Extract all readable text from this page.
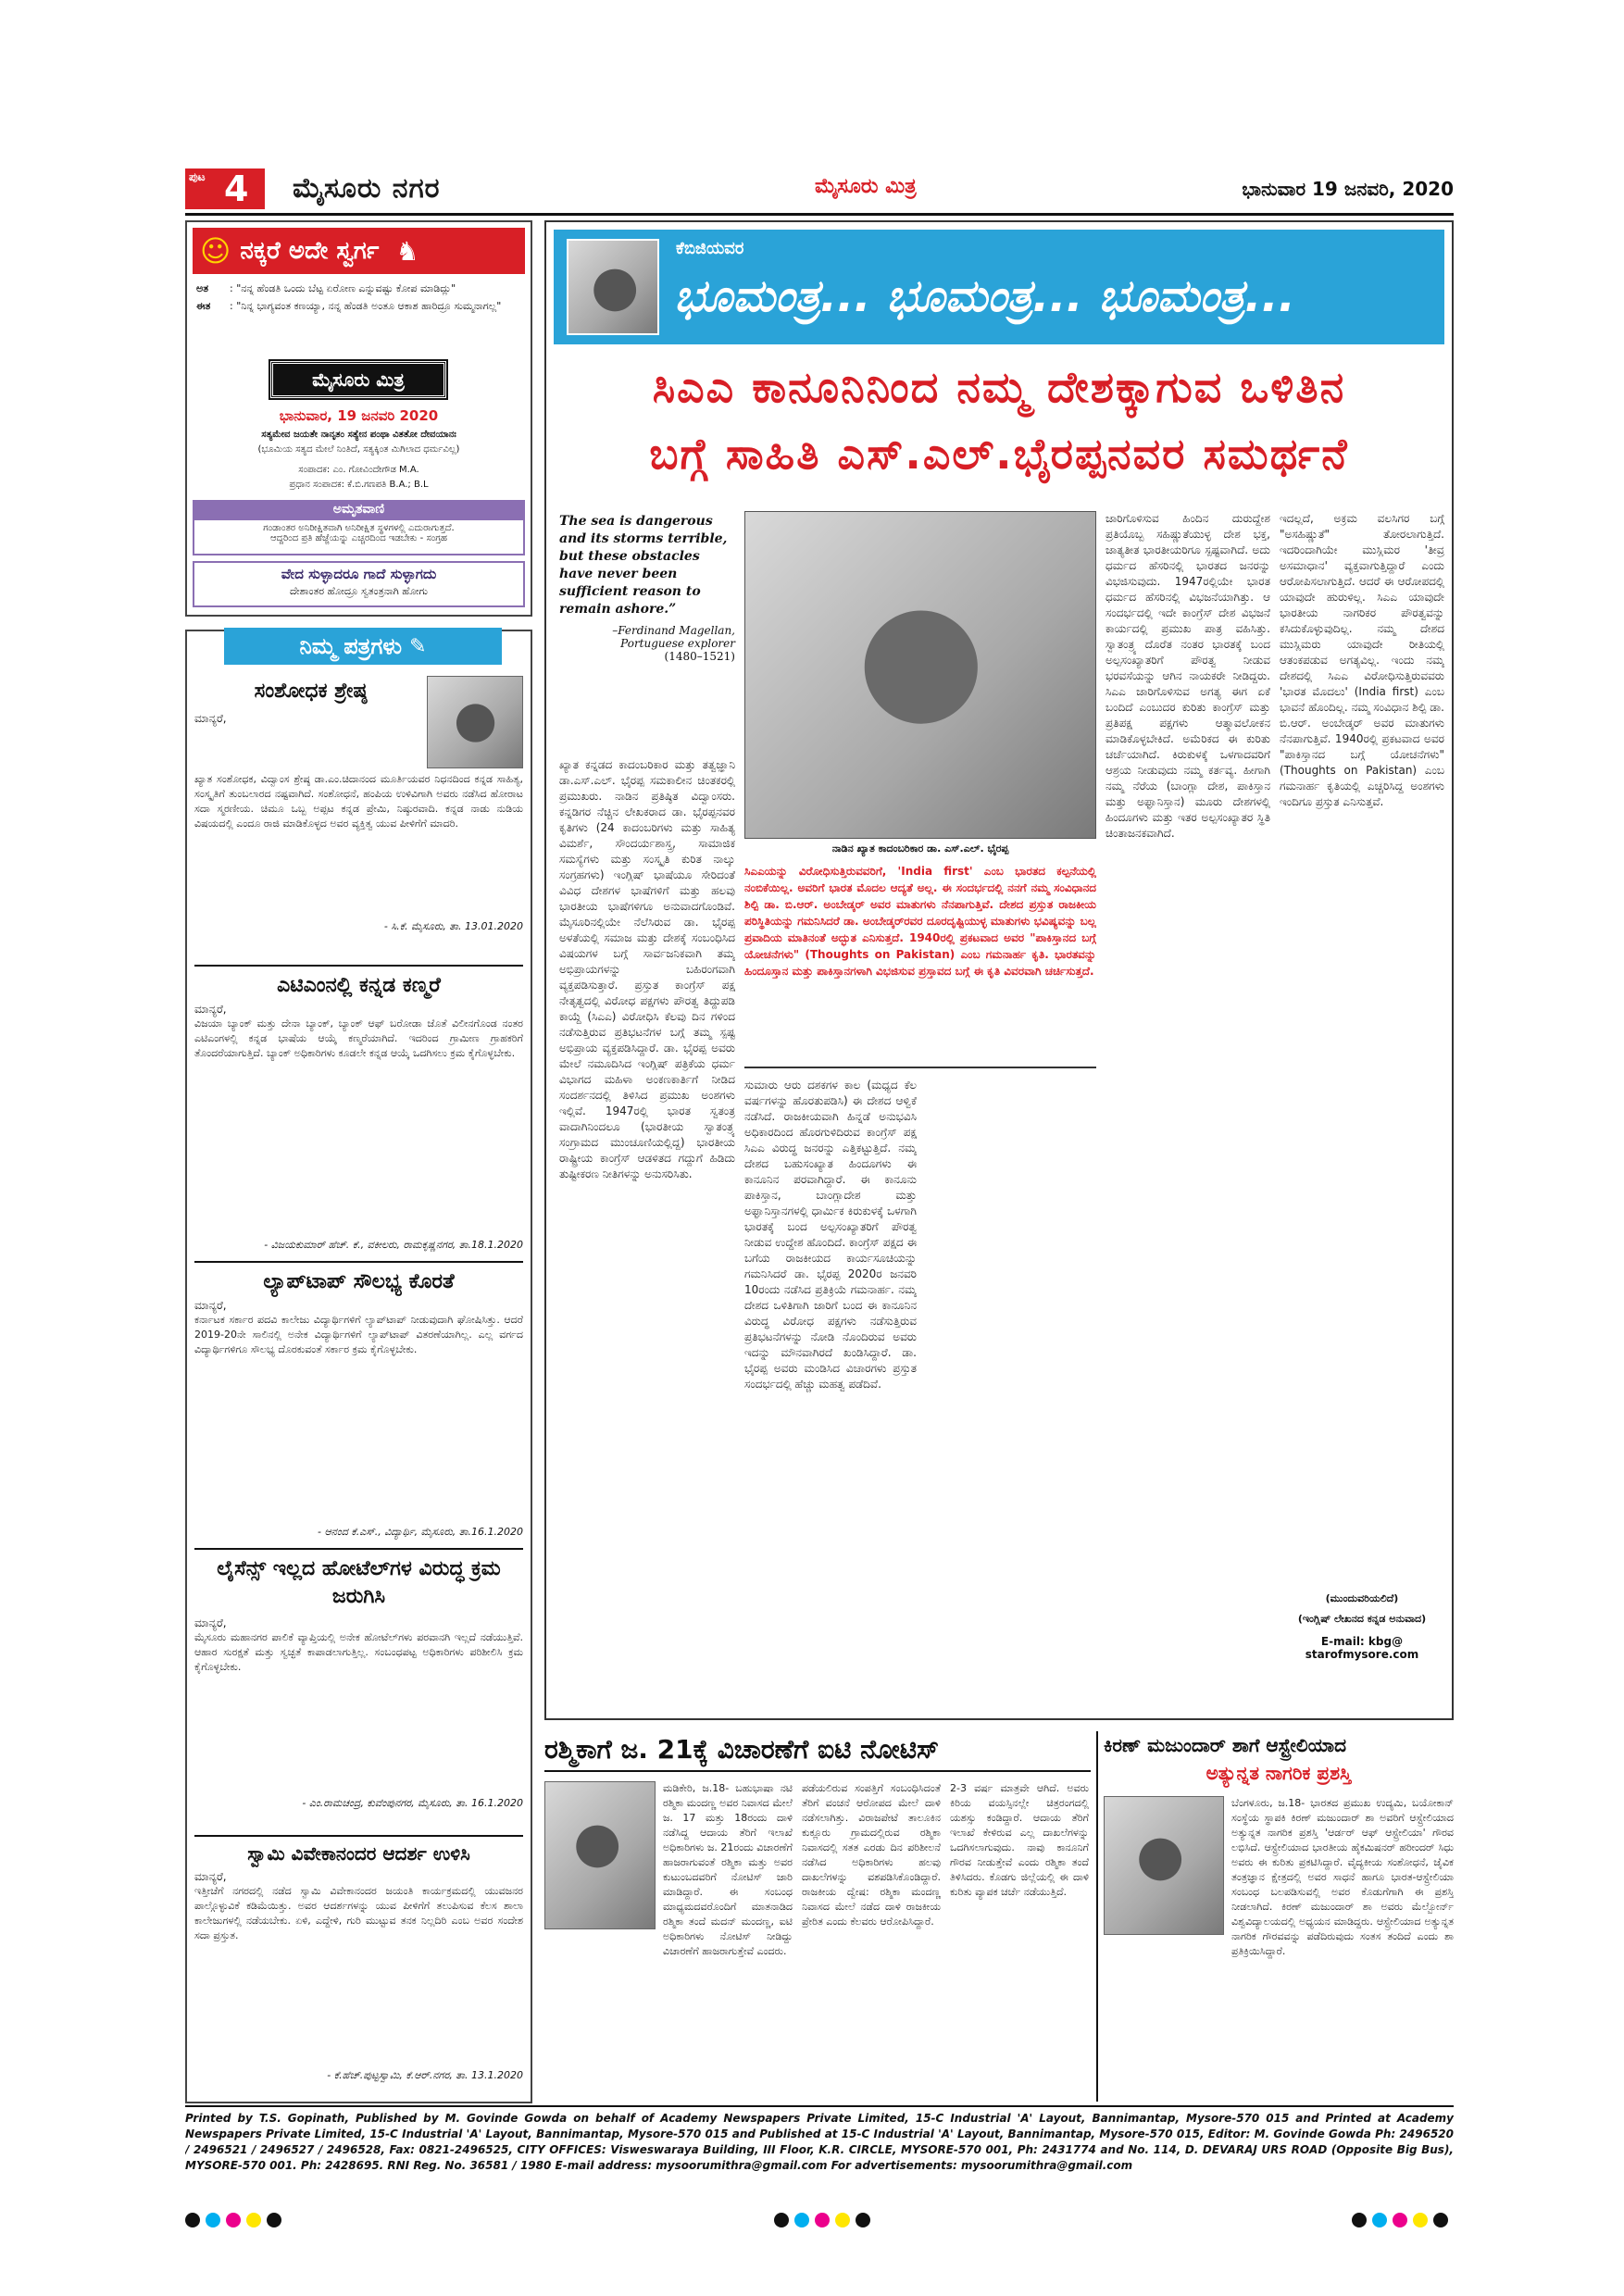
ಪುಟ 4 ಮೈಸೂರು ನಗರ	ಮೈಸೂರು ಮಿತ್ರ	ಭಾನುವಾರ 19 ಜನವರಿ, 2020
☺ ನಕ್ಕರೆ ಅದೇ ಸ್ವರ್ಗ ♞
ಅತ	: "ನನ್ನ ಹೆಂಡತಿ ಒಂದು ಬೆಟ್ಟ ಏರೋಣ ಎನ್ನುವಷ್ಟು ಕೋಪ ಮಾಡಿದ್ಲು"
ಈತ	: "ನಿನ್ನ ಭಾಗ್ಯವಂತ ಕಣಯ್ಯಾ, ನನ್ನ ಹೆಂಡತಿ ಅಂತೂ ಆಕಾಶ ಹಾರಿದ್ರೂ ಸುಮ್ಮನಾಗಲ್ಲ"
ಮೈಸೂರು ಮಿತ್ರ
ಭಾನುವಾರ, 19 ಜನವರಿ 2020
ಸತ್ಯಮೇವ ಜಯತೇ ನಾನೃತಂ ಸತ್ಯೇನ ಪಂಥಾ ವಿತತೋ ದೇವಯಾನಃ
(ಭೂಮಿಯ ಸತ್ಯದ ಮೇಲೆ ನಿಂತಿದೆ, ಸತ್ಯಕ್ಕಿಂತ ಮಿಗಿಲಾದ ಧರ್ಮವಿಲ್ಲ)
ಸಂಪಾದಕ: ಎಂ. ಗೋವಿಂದೇಗೌಡ M.A.
ಪ್ರಧಾನ ಸಂಪಾದಕ: ಕೆ.ಬಿ.ಗಣಪತಿ B.A.; B.L
ಅಮೃತವಾಣಿ
ಗಂಡಾಂತರ ಅನಿರೀಕ್ಷಿತವಾಗಿ ಅನಿರೀಕ್ಷಿತ ಸ್ಥಳಗಳಲ್ಲಿ ಎದುರಾಗುತ್ತದೆ.
ಆದ್ದರಿಂದ ಪ್ರತಿ ಹೆಜ್ಜೆಯನ್ನು ಎಚ್ಚರದಿಂದ ಇಡಬೇಕು - ಸಂಗ್ರಹ
ವೇದ ಸುಳ್ಳಾದರೂ ಗಾದೆ ಸುಳ್ಳಾಗದು
ದೇಶಾಂತರ ಹೋದ್ರೂ ಸ್ವತಂತ್ರನಾಗಿ ಹೋಗು
ನಿಮ್ಮ ಪತ್ರಗಳು ✎
ಸಂಶೋಧಕ ಶ್ರೇಷ್ಠ
ಮಾನ್ಯರೆ,	●
ಖ್ಯಾತ ಸಂಶೋಧಕ, ವಿದ್ವಾಂಸ ಶ್ರೇಷ್ಠ ಡಾ.ಎಂ.ಚಿದಾನಂದ ಮೂರ್ತಿಯವರ ನಿಧನದಿಂದ ಕನ್ನಡ ಸಾಹಿತ್ಯ, ಸಂಸ್ಕೃತಿಗೆ ತುಂಬಲಾರದ ನಷ್ಟವಾಗಿದೆ. ಸಂಶೋಧನೆ, ಹಂಪಿಯ ಉಳಿವಿಗಾಗಿ ಅವರು ನಡೆಸಿದ ಹೋರಾಟ ಸದಾ ಸ್ಮರಣೀಯ. ಚಿಮೂ ಒಬ್ಬ ಅಪ್ಪಟ ಕನ್ನಡ ಪ್ರೇಮಿ, ನಿಷ್ಠುರವಾದಿ. ಕನ್ನಡ ನಾಡು ನುಡಿಯ ವಿಷಯದಲ್ಲಿ ಎಂದೂ ರಾಜಿ ಮಾಡಿಕೊಳ್ಳದ ಅವರ ವ್ಯಕ್ತಿತ್ವ ಯುವ ಪೀಳಿಗೆಗೆ ಮಾದರಿ.
- ಸಿ.ಕೆ. ಮೈಸೂರು, ತಾ. 13.01.2020
ಎಟಿಎಂನಲ್ಲಿ ಕನ್ನಡ ಕಣ್ಮರೆ
ಮಾನ್ಯರೆ,
ವಿಜಯಾ ಬ್ಯಾಂಕ್ ಮತ್ತು ದೇನಾ ಬ್ಯಾಂಕ್, ಬ್ಯಾಂಕ್ ಆಫ್ ಬರೋಡಾ ಜೊತೆ ವಿಲೀನಗೊಂಡ ನಂತರ ಎಟಿಎಂಗಳಲ್ಲಿ ಕನ್ನಡ ಭಾಷೆಯ ಆಯ್ಕೆ ಕಣ್ಮರೆಯಾಗಿದೆ. ಇದರಿಂದ ಗ್ರಾಮೀಣ ಗ್ರಾಹಕರಿಗೆ ತೊಂದರೆಯಾಗುತ್ತಿದೆ. ಬ್ಯಾಂಕ್ ಅಧಿಕಾರಿಗಳು ಕೂಡಲೇ ಕನ್ನಡ ಆಯ್ಕೆ ಒದಗಿಸಲು ಕ್ರಮ ಕೈಗೊಳ್ಳಬೇಕು.
- ವಿಜಯಕುಮಾರ್ ಹೆಚ್. ಕೆ., ವಕೀಲರು, ರಾಮಕೃಷ್ಣನಗರ, ತಾ.18.1.2020
ಲ್ಯಾಪ್‌ಟಾಪ್ ಸೌಲಭ್ಯ ಕೊರತೆ
ಮಾನ್ಯರೆ,
ಕರ್ನಾಟಕ ಸರ್ಕಾರ ಪದವಿ ಕಾಲೇಜು ವಿದ್ಯಾರ್ಥಿಗಳಿಗೆ ಲ್ಯಾಪ್‌ಟಾಪ್ ನೀಡುವುದಾಗಿ ಘೋಷಿಸಿತ್ತು. ಆದರೆ 2019-20ನೇ ಸಾಲಿನಲ್ಲಿ ಅನೇಕ ವಿದ್ಯಾರ್ಥಿಗಳಿಗೆ ಲ್ಯಾಪ್‌ಟಾಪ್ ವಿತರಣೆಯಾಗಿಲ್ಲ. ಎಲ್ಲ ವರ್ಗದ ವಿದ್ಯಾರ್ಥಿಗಳಿಗೂ ಸೌಲಭ್ಯ ದೊರಕುವಂತೆ ಸರ್ಕಾರ ಕ್ರಮ ಕೈಗೊಳ್ಳಬೇಕು.
- ಆನಂದ ಕೆ.ಎಸ್., ವಿದ್ಯಾರ್ಥಿ, ಮೈಸೂರು, ತಾ.16.1.2020
ಲೈಸೆನ್ಸ್ ಇಲ್ಲದ ಹೋಟೆಲ್‌ಗಳ ವಿರುದ್ಧ ಕ್ರಮ ಜರುಗಿಸಿ
ಮಾನ್ಯರೆ,
ಮೈಸೂರು ಮಹಾನಗರ ಪಾಲಿಕೆ ವ್ಯಾಪ್ತಿಯಲ್ಲಿ ಅನೇಕ ಹೋಟೆಲ್‌ಗಳು ಪರವಾನಗಿ ಇಲ್ಲದೆ ನಡೆಯುತ್ತಿವೆ. ಆಹಾರ ಸುರಕ್ಷತೆ ಮತ್ತು ಸ್ವಚ್ಛತೆ ಕಾಪಾಡಲಾಗುತ್ತಿಲ್ಲ. ಸಂಬಂಧಪಟ್ಟ ಅಧಿಕಾರಿಗಳು ಪರಿಶೀಲಿಸಿ ಕ್ರಮ ಕೈಗೊಳ್ಳಬೇಕು.
- ಎಂ.ರಾಮಚಂದ್ರ, ಕುವೆಂಪುನಗರ, ಮೈಸೂರು, ತಾ. 16.1.2020
ಸ್ವಾಮಿ ವಿವೇಕಾನಂದರ ಆದರ್ಶ ಉಳಿಸಿ
ಮಾನ್ಯರೆ,
ಇತ್ತೀಚೆಗೆ ನಗರದಲ್ಲಿ ನಡೆದ ಸ್ವಾಮಿ ವಿವೇಕಾನಂದರ ಜಯಂತಿ ಕಾರ್ಯಕ್ರಮದಲ್ಲಿ ಯುವಜನರ ಪಾಲ್ಗೊಳ್ಳುವಿಕೆ ಕಡಿಮೆಯಿತ್ತು. ಅವರ ಆದರ್ಶಗಳನ್ನು ಯುವ ಪೀಳಿಗೆಗೆ ತಲುಪಿಸುವ ಕೆಲಸ ಶಾಲಾ ಕಾಲೇಜುಗಳಲ್ಲಿ ನಡೆಯಬೇಕು. ಏಳಿ, ಎದ್ದೇಳಿ, ಗುರಿ ಮುಟ್ಟುವ ತನಕ ನಿಲ್ಲದಿರಿ ಎಂಬ ಅವರ ಸಂದೇಶ ಸದಾ ಪ್ರಸ್ತುತ.
- ಕೆ.ಹೆಚ್.ಪುಟ್ಟಸ್ವಾಮಿ, ಕೆ.ಆರ್.ನಗರ, ತಾ. 13.1.2020
●
ಕೆಬಿಜಿಯವರ
ಭೂಮಂತ್ರ... ಭೂಮಂತ್ರ... ಭೂಮಂತ್ರ...
ಸಿಎಎ ಕಾನೂನಿನಿಂದ ನಮ್ಮ ದೇಶಕ್ಕಾಗುವ ಒಳಿತಿನ
ಬಗ್ಗೆ ಸಾಹಿತಿ ಎಸ್.ಎಲ್.ಭೈರಪ್ಪನವರ ಸಮರ್ಥನೆ
The sea is dangerous and its storms terrible, but these obstacles have never been sufficient reason to remain ashore.”
–Ferdinand Magellan, Portuguese explorer
(1480–1521) ●
ನಾಡಿನ ಖ್ಯಾತ ಕಾದಂಬರಿಕಾರ ಡಾ. ಎಸ್.ಎಲ್. ಭೈರಪ್ಪ
ಖ್ಯಾತ ಕನ್ನಡದ ಕಾದಂಬರಿಕಾರ ಮತ್ತು ತತ್ವಜ್ಞಾನಿ ಡಾ.ಎಸ್.ಎಲ್. ಭೈರಪ್ಪ ಸಮಕಾಲೀನ ಚಿಂತಕರಲ್ಲಿ ಪ್ರಮುಖರು. ನಾಡಿನ ಪ್ರತಿಷ್ಠಿತ ವಿದ್ವಾಂಸರು. ಕನ್ನಡಿಗರ ನೆಚ್ಚಿನ ಲೇಖಕರಾದ ಡಾ. ಭೈರಪ್ಪನವರ ಕೃತಿಗಳು (24 ಕಾದಂಬರಿಗಳು ಮತ್ತು ಸಾಹಿತ್ಯ ವಿಮರ್ಶೆ, ಸೌಂದರ್ಯಶಾಸ್ತ್ರ, ಸಾಮಾಜಿಕ ಸಮಸ್ಯೆಗಳು ಮತ್ತು ಸಂಸ್ಕೃತಿ ಕುರಿತ ನಾಲ್ಕು ಸಂಗ್ರಹಗಳು) ಇಂಗ್ಲಿಷ್ ಭಾಷೆಯೂ ಸೇರಿದಂತೆ ವಿವಿಧ ದೇಶಗಳ ಭಾಷೆಗಳಿಗೆ ಮತ್ತು ಹಲವು ಭಾರತೀಯ ಭಾಷೆಗಳಿಗೂ ಅನುವಾದಗೊಂಡಿವೆ. ಮೈಸೂರಿನಲ್ಲಿಯೇ ನೆಲೆಸಿರುವ ಡಾ. ಭೈರಪ್ಪ ಅಳತೆಯಲ್ಲಿ ಸಮಾಜ ಮತ್ತು ದೇಶಕ್ಕೆ ಸಂಬಂಧಿಸಿದ ವಿಷಯಗಳ ಬಗ್ಗೆ ಸಾರ್ವಜನಿಕವಾಗಿ ತಮ್ಮ ಅಭಿಪ್ರಾಯಗಳನ್ನು ಬಹಿರಂಗವಾಗಿ ವ್ಯಕ್ತಪಡಿಸುತ್ತಾರೆ. ಪ್ರಸ್ತುತ ಕಾಂಗ್ರೆಸ್ ಪಕ್ಷ ನೇತೃತ್ವದಲ್ಲಿ ವಿರೋಧ ಪಕ್ಷಗಳು ಪೌರತ್ವ ತಿದ್ದುಪಡಿ ಕಾಯ್ದೆ (ಸಿಎಎ) ವಿರೋಧಿಸಿ ಕೆಲವು ದಿನ ಗಳಿಂದ ನಡೆಸುತ್ತಿರುವ ಪ್ರತಿಭಟನೆಗಳ ಬಗ್ಗೆ ತಮ್ಮ ಸ್ಪಷ್ಟ ಅಭಿಪ್ರಾಯ ವ್ಯಕ್ತಪಡಿಸಿದ್ದಾರೆ. ಡಾ. ಭೈರಪ್ಪ ಅವರು ಮೇಲೆ ನಮೂದಿಸಿದ ಇಂಗ್ಲಿಷ್ ಪತ್ರಿಕೆಯ ಧರ್ಮ ವಿಭಾಗದ ಮಹಿಳಾ ಅಂಕಣಕಾರ್ತಿಗೆ ನೀಡಿದ ಸಂದರ್ಶನದಲ್ಲಿ ತಿಳಿಸಿದ ಪ್ರಮುಖ ಅಂಶಗಳು ಇಲ್ಲಿವೆ. 1947ರಲ್ಲಿ ಭಾರತ ಸ್ವತಂತ್ರ ವಾದಾಗಿನಿಂದಲೂ (ಭಾರತೀಯ ಸ್ವಾತಂತ್ರ್ಯ ಸಂಗ್ರಾಮದ ಮುಂಚೂಣಿಯಲ್ಲಿದ್ದ) ಭಾರತೀಯ ರಾಷ್ಟ್ರೀಯ ಕಾಂಗ್ರೆಸ್ ಆಡಳಿತದ ಗದ್ದುಗೆ ಹಿಡಿದು ತುಷ್ಟೀಕರಣ ನೀತಿಗಳನ್ನು ಅನುಸರಿಸಿತು.
ಸಿಎಎಯನ್ನು ವಿರೋಧಿಸುತ್ತಿರುವವರಿಗೆ, 'India first' ಎಂಬ ಭಾರತದ ಕಲ್ಪನೆಯಲ್ಲಿ ನಂಬಿಕೆಯಿಲ್ಲ. ಅವರಿಗೆ ಭಾರತ ಮೊದಲ ಆದ್ಯತೆ ಅಲ್ಲ. ಈ ಸಂದರ್ಭದಲ್ಲಿ ನನಗೆ ನಮ್ಮ ಸಂವಿಧಾನದ ಶಿಲ್ಪಿ ಡಾ. ಬಿ.ಆರ್. ಅಂಬೇಡ್ಕರ್ ಅವರ ಮಾತುಗಳು ನೆನಪಾಗುತ್ತಿವೆ. ದೇಶದ ಪ್ರಸ್ತುತ ರಾಜಕೀಯ ಪರಿಸ್ಥಿತಿಯನ್ನು ಗಮನಿಸಿದರೆ ಡಾ. ಅಂಬೇಡ್ಕರ್‌ರವರ ದೂರದೃಷ್ಟಿಯುಳ್ಳ ಮಾತುಗಳು ಭವಿಷ್ಯವನ್ನು ಬಲ್ಲ ಪ್ರವಾದಿಯ ಮಾತಿನಂತೆ ಅದ್ಭುತ ಎನಿಸುತ್ತದೆ. 1940ರಲ್ಲಿ ಪ್ರಕಟವಾದ ಅವರ "ಪಾಕಿಸ್ತಾನದ ಬಗ್ಗೆ ಯೋಚನೆಗಳು" (Thoughts on Pakistan) ಎಂಬ ಗಮನಾರ್ಹ ಕೃತಿ. ಭಾರತವನ್ನು ಹಿಂದೂಸ್ತಾನ ಮತ್ತು ಪಾಕಿಸ್ತಾನಗಳಾಗಿ ವಿಭಜಿಸುವ ಪ್ರಸ್ತಾವದ ಬಗ್ಗೆ ಈ ಕೃತಿ ವಿವರವಾಗಿ ಚರ್ಚಿಸುತ್ತದೆ.
ಸುಮಾರು ಆರು ದಶಕಗಳ ಕಾಲ (ಮಧ್ಯದ ಕೆಲ ವರ್ಷಗಳನ್ನು ಹೊರತುಪಡಿಸಿ) ಈ ದೇಶದ ಆಳ್ವಿಕೆ ನಡೆಸಿದೆ. ರಾಜಕೀಯವಾಗಿ ಹಿನ್ನಡೆ ಅನುಭವಿಸಿ ಅಧಿಕಾರದಿಂದ ಹೊರಗುಳಿದಿರುವ ಕಾಂಗ್ರೆಸ್ ಪಕ್ಷ ಸಿಎಎ ವಿರುದ್ಧ ಜನರನ್ನು ಎತ್ತಿಕಟ್ಟುತ್ತಿದೆ. ನಮ್ಮ ದೇಶದ ಬಹುಸಂಖ್ಯಾತ ಹಿಂದೂಗಳು ಈ ಕಾನೂನಿನ ಪರವಾಗಿದ್ದಾರೆ. ಈ ಕಾನೂನು ಪಾಕಿಸ್ತಾನ, ಬಾಂಗ್ಲಾದೇಶ ಮತ್ತು ಅಫ್ಘಾನಿಸ್ತಾನಗಳಲ್ಲಿ ಧಾರ್ಮಿಕ ಕಿರುಕುಳಕ್ಕೆ ಒಳಗಾಗಿ ಭಾರತಕ್ಕೆ ಬಂದ ಅಲ್ಪಸಂಖ್ಯಾತರಿಗೆ ಪೌರತ್ವ ನೀಡುವ ಉದ್ದೇಶ ಹೊಂದಿದೆ. ಕಾಂಗ್ರೆಸ್ ಪಕ್ಷದ ಈ ಬಗೆಯ ರಾಜಕೀಯದ ಕಾರ್ಯಸೂಚಿಯನ್ನು ಗಮನಿಸಿದರೆ ಡಾ. ಭೈರಪ್ಪ 2020ರ ಜನವರಿ 10ರಂದು ನಡೆಸಿದ ಪ್ರತಿಕ್ರಿಯೆ ಗಮನಾರ್ಹ. ನಮ್ಮ ದೇಶದ ಒಳಿತಿಗಾಗಿ ಜಾರಿಗೆ ಬಂದ ಈ ಕಾನೂನಿನ ವಿರುದ್ಧ ವಿರೋಧ ಪಕ್ಷಗಳು ನಡೆಸುತ್ತಿರುವ ಪ್ರತಿಭಟನೆಗಳನ್ನು ನೋಡಿ ನೊಂದಿರುವ ಅವರು ಇದನ್ನು ಮೌನವಾಗಿರದೆ ಖಂಡಿಸಿದ್ದಾರೆ. ಡಾ. ಭೈರಪ್ಪ ಅವರು ಮಂಡಿಸಿದ ವಿಚಾರಗಳು ಪ್ರಸ್ತುತ ಸಂದರ್ಭದಲ್ಲಿ ಹೆಚ್ಚು ಮಹತ್ವ ಪಡೆದಿವೆ.
ಜಾರಿಗೊಳಿಸುವ ಹಿಂದಿನ ದುರುದ್ದೇಶ ಪ್ರತಿಯೊಬ್ಬ ಸಹಿಷ್ಣುತೆಯುಳ್ಳ ದೇಶ ಭಕ್ತ, ಜಾತ್ಯತೀತ ಭಾರತೀಯರಿಗೂ ಸ್ಪಷ್ಟವಾಗಿದೆ. ಅದು ಧರ್ಮದ ಹೆಸರಿನಲ್ಲಿ ಭಾರತದ ಜನರನ್ನು ವಿಭಜಿಸುವುದು. 1947ರಲ್ಲಿಯೇ ಭಾರತ ಧರ್ಮದ ಹೆಸರಿನಲ್ಲಿ ವಿಭಜನೆಯಾಗಿತ್ತು. ಆ ಸಂದರ್ಭದಲ್ಲಿ ಇದೇ ಕಾಂಗ್ರೆಸ್ ದೇಶ ವಿಭಜನೆ ಕಾರ್ಯದಲ್ಲಿ ಪ್ರಮುಖ ಪಾತ್ರ ವಹಿಸಿತ್ತು. ಸ್ವಾತಂತ್ರ್ಯ ದೊರೆತ ನಂತರ ಭಾರತಕ್ಕೆ ಬಂದ ಅಲ್ಪಸಂಖ್ಯಾತರಿಗೆ ಪೌರತ್ವ ನೀಡುವ ಭರವಸೆಯನ್ನು ಆಗಿನ ನಾಯಕರೇ ನೀಡಿದ್ದರು. ಸಿಎಎ ಜಾರಿಗೊಳಿಸುವ ಅಗತ್ಯ ಈಗ ಏಕೆ ಬಂದಿದೆ ಎಂಬುದರ ಕುರಿತು ಕಾಂಗ್ರೆಸ್ ಮತ್ತು ಪ್ರತಿಪಕ್ಷ ಪಕ್ಷಗಳು ಆತ್ಮಾವಲೋಕನ ಮಾಡಿಕೊಳ್ಳಬೇಕಿದೆ. ಅಮೆರಿಕದ ಈ ಕುರಿತು ಚರ್ಚೆಯಾಗಿದೆ. ಕಿರುಕುಳಕ್ಕೆ ಒಳಗಾದವರಿಗೆ ಆಶ್ರಯ ನೀಡುವುದು ನಮ್ಮ ಕರ್ತವ್ಯ. ಹೀಗಾಗಿ ನಮ್ಮ ನೆರೆಯ (ಬಾಂಗ್ಲಾ ದೇಶ, ಪಾಕಿಸ್ತಾನ ಮತ್ತು ಅಫ್ಘಾನಿಸ್ತಾನ) ಮೂರು ದೇಶಗಳಲ್ಲಿ ಹಿಂದೂಗಳು ಮತ್ತು ಇತರ ಅಲ್ಪಸಂಖ್ಯಾತರ ಸ್ಥಿತಿ ಚಿಂತಾಜನಕವಾಗಿದೆ.
ಇದಲ್ಲದೆ, ಅಕ್ರಮ ವಲಸಿಗರ ಬಗ್ಗೆ "ಅಸಹಿಷ್ಣುತೆ" ತೋರಲಾಗುತ್ತಿದೆ. ಇದರಿಂದಾಗಿಯೇ ಮುಸ್ಲಿಮರ 'ತೀವ್ರ ಅಸಮಾಧಾನ' ವ್ಯಕ್ತವಾಗುತ್ತಿದ್ದಾರೆ ಎಂದು ಆರೋಪಿಸಲಾಗುತ್ತಿದೆ. ಆದರೆ ಈ ಆರೋಪದಲ್ಲಿ ಯಾವುದೇ ಹುರುಳಿಲ್ಲ. ಸಿಎಎ ಯಾವುದೇ ಭಾರತೀಯ ನಾಗರಿಕರ ಪೌರತ್ವವನ್ನು ಕಸಿದುಕೊಳ್ಳುವುದಿಲ್ಲ. ನಮ್ಮ ದೇಶದ ಮುಸ್ಲಿಮರು ಯಾವುದೇ ರೀತಿಯಲ್ಲಿ ಆತಂಕಪಡುವ ಅಗತ್ಯವಿಲ್ಲ. ಇಂದು ನಮ್ಮ ದೇಶದಲ್ಲಿ ಸಿಎಎ ವಿರೋಧಿಸುತ್ತಿರುವವರು 'ಭಾರತ ಮೊದಲು' (India first) ಎಂಬ ಭಾವನೆ ಹೊಂದಿಲ್ಲ. ನಮ್ಮ ಸಂವಿಧಾನ ಶಿಲ್ಪಿ ಡಾ. ಬಿ.ಆರ್. ಅಂಬೇಡ್ಕರ್ ಅವರ ಮಾತುಗಳು ನೆನಪಾಗುತ್ತಿವೆ. 1940ರಲ್ಲಿ ಪ್ರಕಟವಾದ ಅವರ "ಪಾಕಿಸ್ತಾನದ ಬಗ್ಗೆ ಯೋಚನೆಗಳು" (Thoughts on Pakistan) ಎಂಬ ಗಮನಾರ್ಹ ಕೃತಿಯಲ್ಲಿ ಎಚ್ಚರಿಸಿದ್ದ ಅಂಶಗಳು ಇಂದಿಗೂ ಪ್ರಸ್ತುತ ಎನಿಸುತ್ತವೆ.
(ಮುಂದುವರಿಯಲಿದೆ)
(ಇಂಗ್ಲಿಷ್ ಲೇಖನದ ಕನ್ನಡ ಅನುವಾದ)
E-mail: kbg@
starofmysore.com
ರಶ್ಮಿಕಾಗೆ ಜ. 21ಕ್ಕೆ ವಿಚಾರಣೆಗೆ ಐಟಿ ನೋಟಿಸ್
●
ಮಡಿಕೇರಿ, ಜ.18- ಬಹುಭಾಷಾ ನಟಿ ರಶ್ಮಿಕಾ ಮಂದಣ್ಣ ಅವರ ನಿವಾಸದ ಮೇಲೆ ಜ. 17 ಮತ್ತು 18ರಂದು ದಾಳಿ ನಡೆಸಿದ್ದ ಆದಾಯ ತೆರಿಗೆ ಇಲಾಖೆ ಅಧಿಕಾರಿಗಳು ಜ. 21ರಂದು ವಿಚಾರಣೆಗೆ ಹಾಜರಾಗುವಂತೆ ರಶ್ಮಿಕಾ ಮತ್ತು ಅವರ ಕುಟುಂಬದವರಿಗೆ ನೋಟಿಸ್ ಜಾರಿ ಮಾಡಿದ್ದಾರೆ. ಈ ಸಂಬಂಧ ಮಾಧ್ಯಮದವರೊಂದಿಗೆ ಮಾತನಾಡಿದ ರಶ್ಮಿಕಾ ತಂದೆ ಮದನ್ ಮಂದಣ್ಣ, ಐಟಿ ಅಧಿಕಾರಿಗಳು ನೋಟಿಸ್ ನೀಡಿದ್ದು ವಿಚಾರಣೆಗೆ ಹಾಜರಾಗುತ್ತೇವೆ ಎಂದರು.
ಪಡೆಯಲಿರುವ ಸಂಪತ್ತಿಗೆ ಸಂಬಂಧಿಸಿದಂತೆ ತೆರಿಗೆ ವಂಚನೆ ಆರೋಪದ ಮೇಲೆ ದಾಳಿ ನಡೆಸಲಾಗಿತ್ತು. ವಿರಾಜಪೇಟೆ ತಾಲೂಕಿನ ಕುಕ್ಲೂರು ಗ್ರಾಮದಲ್ಲಿರುವ ರಶ್ಮಿಕಾ ನಿವಾಸದಲ್ಲಿ ಸತತ ಎರಡು ದಿನ ಪರಿಶೀಲನೆ ನಡೆಸಿದ ಅಧಿಕಾರಿಗಳು ಹಲವು ದಾಖಲೆಗಳನ್ನು ವಶಪಡಿಸಿಕೊಂಡಿದ್ದಾರೆ. ರಾಜಕೀಯ ದ್ವೇಷ: ರಶ್ಮಿಕಾ ಮಂದಣ್ಣ ನಿವಾಸದ ಮೇಲೆ ನಡೆದ ದಾಳಿ ರಾಜಕೀಯ ಪ್ರೇರಿತ ಎಂದು ಕೆಲವರು ಆರೋಪಿಸಿದ್ದಾರೆ.
2-3 ವರ್ಷ ಮಾತ್ರವೇ ಆಗಿದೆ. ಅವರು ಕಿರಿಯ ವಯಸ್ಸಿನಲ್ಲೇ ಚಿತ್ರರಂಗದಲ್ಲಿ ಯಶಸ್ಸು ಕಂಡಿದ್ದಾರೆ. ಆದಾಯ ತೆರಿಗೆ ಇಲಾಖೆ ಕೇಳಿರುವ ಎಲ್ಲ ದಾಖಲೆಗಳನ್ನು ಒದಗಿಸಲಾಗುವುದು. ನಾವು ಕಾನೂನಿಗೆ ಗೌರವ ನೀಡುತ್ತೇವೆ ಎಂದು ರಶ್ಮಿಕಾ ತಂದೆ ತಿಳಿಸಿದರು. ಕೊಡಗು ಜಿಲ್ಲೆಯಲ್ಲಿ ಈ ದಾಳಿ ಕುರಿತು ವ್ಯಾಪಕ ಚರ್ಚೆ ನಡೆಯುತ್ತಿದೆ.
ಕಿರಣ್ ಮಜುಂದಾರ್ ಶಾಗೆ ಆಸ್ಟ್ರೇಲಿಯಾದ
ಅತ್ಯುನ್ನತ ನಾಗರಿಕ ಪ್ರಶಸ್ತಿ
●
ಬೆಂಗಳೂರು, ಜ.18- ಭಾರತದ ಪ್ರಮುಖ ಉದ್ಯಮಿ, ಬಯೋಕಾನ್ ಸಂಸ್ಥೆಯ ಸ್ಥಾಪಕಿ ಕಿರಣ್ ಮಜುಂದಾರ್ ಶಾ ಅವರಿಗೆ ಆಸ್ಟ್ರೇಲಿಯಾದ ಅತ್ಯುನ್ನತ ನಾಗರಿಕ ಪ್ರಶಸ್ತಿ 'ಆರ್ಡರ್ ಆಫ್ ಆಸ್ಟ್ರೇಲಿಯಾ' ಗೌರವ ಲಭಿಸಿದೆ. ಆಸ್ಟ್ರೇಲಿಯಾದ ಭಾರತೀಯ ಹೈಕಮಿಷನರ್ ಹರೀಂದರ್ ಸಿಧು ಅವರು ಈ ಕುರಿತು ಪ್ರಕಟಿಸಿದ್ದಾರೆ. ವೈದ್ಯಕೀಯ ಸಂಶೋಧನೆ, ಜೈವಿಕ ತಂತ್ರಜ್ಞಾನ ಕ್ಷೇತ್ರದಲ್ಲಿ ಅವರ ಸಾಧನೆ ಹಾಗೂ ಭಾರತ-ಆಸ್ಟ್ರೇಲಿಯಾ ಸಂಬಂಧ ಬಲಪಡಿಸುವಲ್ಲಿ ಅವರ ಕೊಡುಗೆಗಾಗಿ ಈ ಪ್ರಶಸ್ತಿ ನೀಡಲಾಗಿದೆ. ಕಿರಣ್ ಮಜುಂದಾರ್ ಶಾ ಅವರು ಮೆಲ್ಬೋರ್ನ್ ವಿಶ್ವವಿದ್ಯಾಲಯದಲ್ಲಿ ಅಧ್ಯಯನ ಮಾಡಿದ್ದರು. ಆಸ್ಟ್ರೇಲಿಯಾದ ಅತ್ಯುನ್ನತ ನಾಗರಿಕ ಗೌರವವನ್ನು ಪಡೆದಿರುವುದು ಸಂತಸ ತಂದಿದೆ ಎಂದು ಶಾ ಪ್ರತಿಕ್ರಿಯಿಸಿದ್ದಾರೆ.
Printed by T.S. Gopinath, Published by M. Govinde Gowda on behalf of Academy Newspapers Private Limited, 15-C Industrial 'A' Layout, Bannimantap, Mysore-570 015 and Printed at Academy Newspapers Private Limited, 15-C Industrial 'A' Layout, Bannimantap, Mysore-570 015 and Published at 15-C Industrial 'A' Layout, Bannimantap, Mysore-570 015, Editor: M. Govinde Gowda Ph: 2496520 / 2496521 / 2496527 / 2496528, Fax: 0821-2496525, CITY OFFICES: Visweswaraya Building, III Floor, K.R. CIRCLE, MYSORE-570 001, Ph: 2431774 and No. 114, D. DEVARAJ URS ROAD (Opposite Big Bus), MYSORE-570 001. Ph: 2428695. RNI Reg. No. 36581 / 1980 E-mail address: mysoorumithra@gmail.com For advertisements: mysoorumithra@gmail.com
